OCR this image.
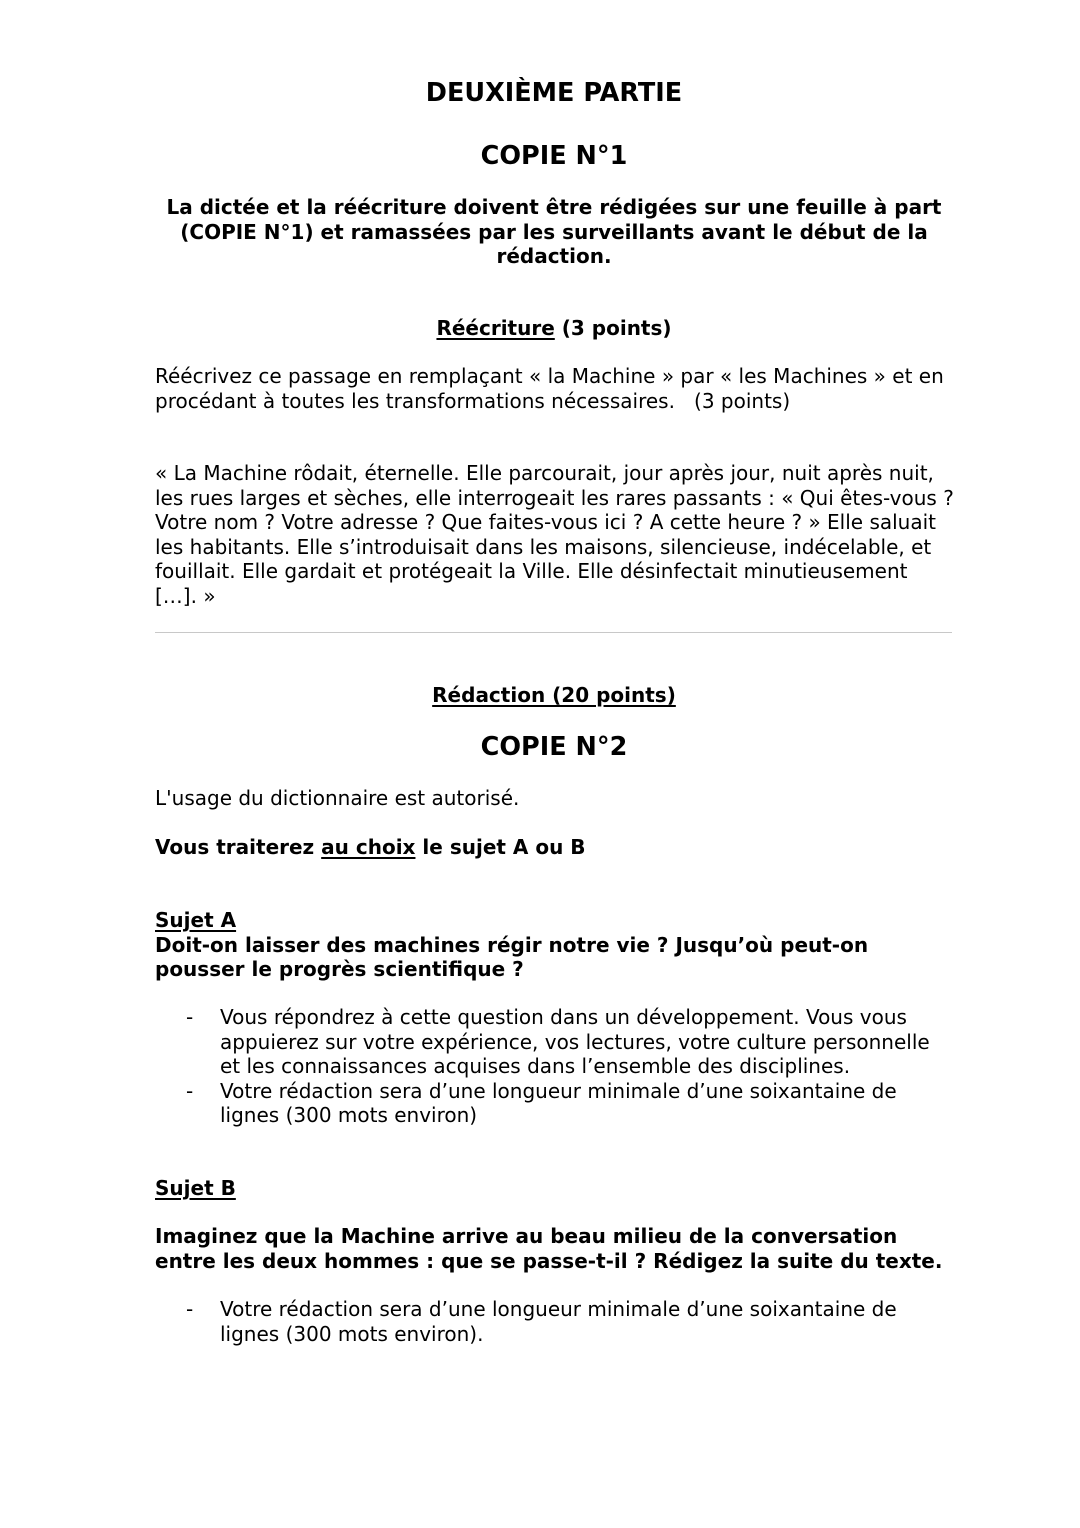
DEUXIÈME PARTIE
COPIE N°1
La dictée et la réécriture doivent être rédigées sur une feuille à part
(COPIE N°1) et ramassées par les surveillants avant le début de la
rédaction.
Réécriture (3 points)
Réécrivez ce passage en remplaçant « la Machine » par « les Machines » et en
procédant à toutes les transformations nécessaires.   (3 points)
« La Machine rôdait, éternelle. Elle parcourait, jour après jour, nuit après nuit,
les rues larges et sèches, elle interrogeait les rares passants : « Qui êtes-vous ?
Votre nom ? Votre adresse ? Que faites-vous ici ? A cette heure ? » Elle saluait
les habitants. Elle s’introduisait dans les maisons, silencieuse, indécelable, et
fouillait. Elle gardait et protégeait la Ville. Elle désinfectait minutieusement
[…]. »
Rédaction (20 points)
COPIE N°2
L'usage du dictionnaire est autorisé.
Vous traiterez au choix le sujet A ou B
Sujet A
Doit-on laisser des machines régir notre vie ? Jusqu’où peut-on
pousser le progrès scientifique ?
- Vous répondrez à cette question dans un développement. Vous vous
appuierez sur votre expérience, vos lectures, votre culture personnelle
et les connaissances acquises dans l’ensemble des disciplines.
- Votre rédaction sera d’une longueur minimale d’une soixantaine de
lignes (300 mots environ)
Sujet B
Imaginez que la Machine arrive au beau milieu de la conversation
entre les deux hommes : que se passe-t-il ? Rédigez la suite du texte.
- Votre rédaction sera d’une longueur minimale d’une soixantaine de
lignes (300 mots environ).
